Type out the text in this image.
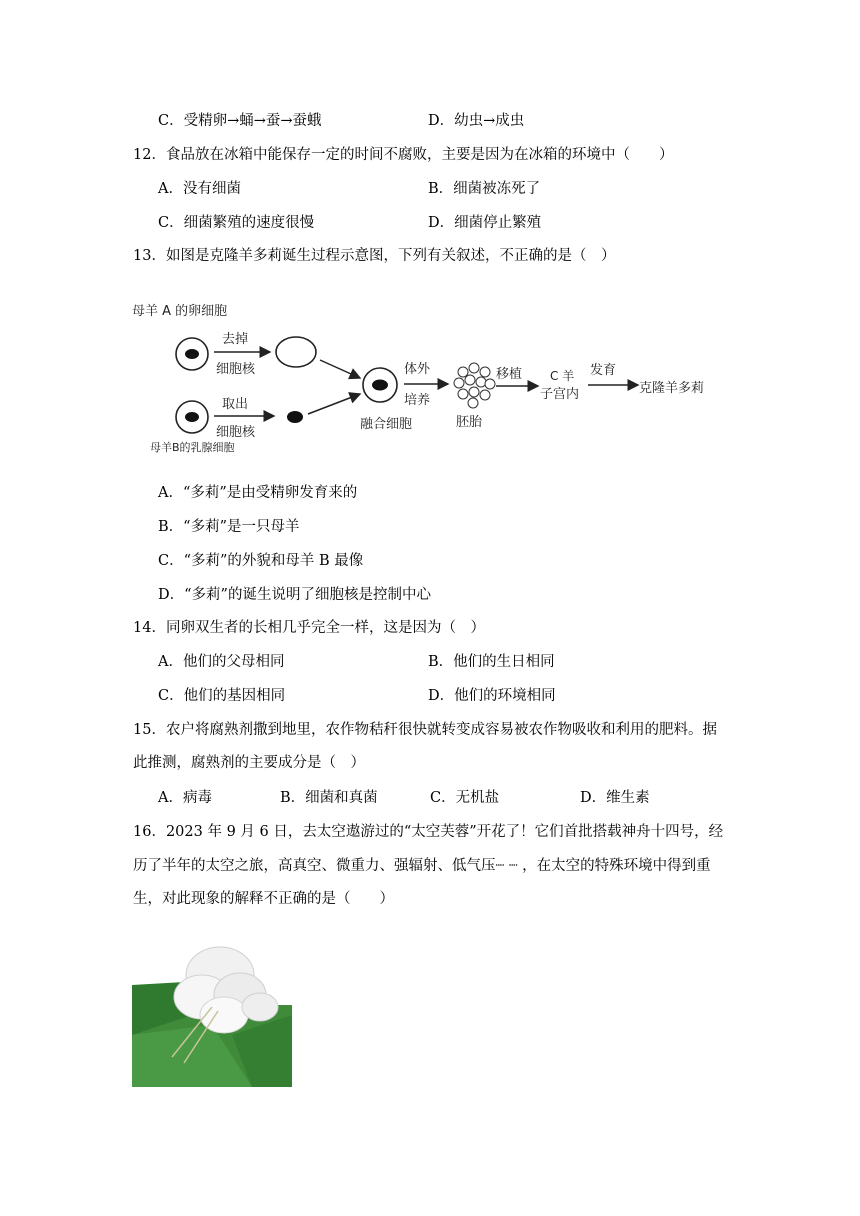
C．受精卵→蛹→蚕→蚕蛾	D．幼虫→成虫
12．食品放在冰箱中能保存一定的时间不腐败，主要是因为在冰箱的环境中（　　）
A．没有细菌	B．细菌被冻死了
C．细菌繁殖的速度很慢	D．细菌停止繁殖
13．如图是克隆羊多莉诞生过程示意图，下列有关叙述，不正确的是（　）
母羊 A 的卵细胞
去掉
细胞核
取出
细胞核
母羊B的乳腺细胞
融合细胞
体外
培养
胚胎
移植 C 羊
子宫内
发育
克隆羊多莉
A．“多莉”是由受精卵发育来的
B．“多莉”是一只母羊
C．“多莉”的外貌和母羊 B 最像
D．“多莉”的诞生说明了细胞核是控制中心
14．同卵双生者的长相几乎完全一样，这是因为（　）
A．他们的父母相同	B．他们的生日相同
C．他们的基因相同	D．他们的环境相同
15．农户将腐熟剂撒到地里，农作物秸秆很快就转变成容易被农作物吸收和利用的肥料。据
此推测，腐熟剂的主要成分是（　）
A．病毒	B．细菌和真菌	C．无机盐	D．维生素
16．2023 年 9 月 6 日，去太空遨游过的“太空芙蓉”开花了！它们首批搭载神舟十四号，经
历了半年的太空之旅，高真空、微重力、强辐射、低气压┈ ┈ ，在太空的特殊环境中得到重
生，对此现象的解释不正确的是（　　）
